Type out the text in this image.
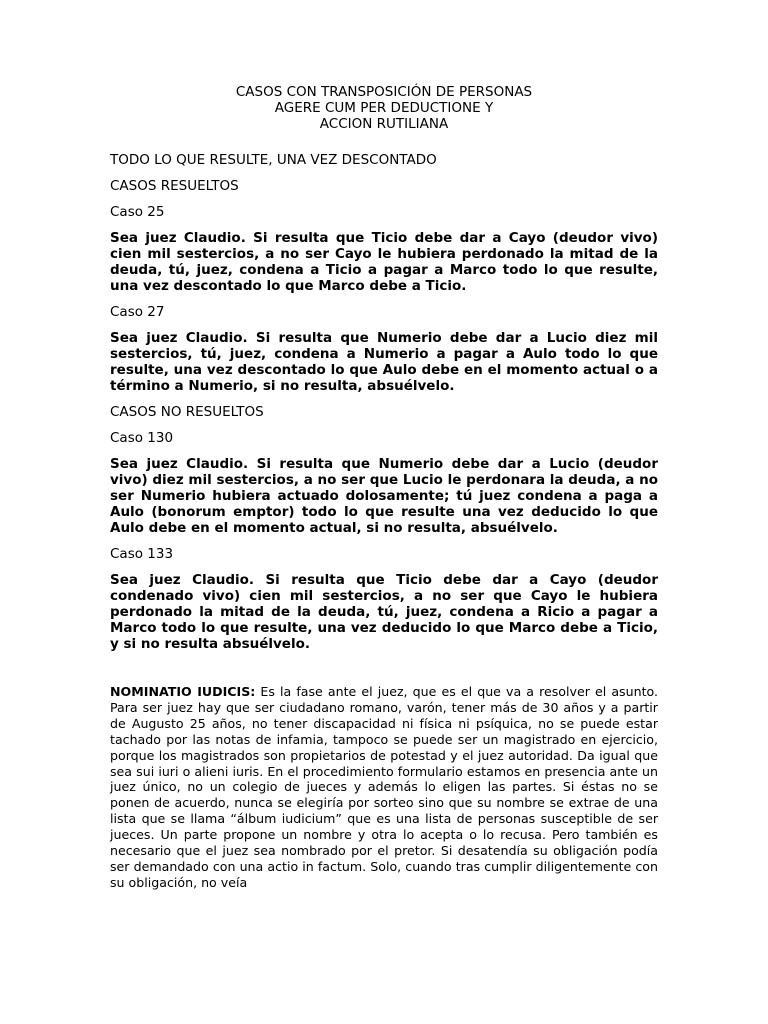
CASOS CON TRANSPOSICIÓN DE PERSONAS
AGERE CUM PER DEDUCTIONE Y
ACCION RUTILIANA

TODO LO QUE RESULTE, UNA VEZ DESCONTADO

CASOS RESUELTOS

Caso 25

Sea juez Claudio. Si resulta que Ticio debe dar a Cayo (deudor vivo) cien mil sestercios, a no ser Cayo le hubiera perdonado la mitad de la deuda, tú, juez, condena a Ticio a pagar a Marco todo lo que resulte, una vez descontado lo que Marco debe a Ticio.

Caso 27

Sea juez Claudio. Si resulta que Numerio debe dar a Lucio diez mil sestercios, tú, juez, condena a Numerio a pagar a Aulo todo lo que resulte, una vez descontado lo que Aulo debe en el momento actual o a término a Numerio, si no resulta, absuélvelo.

CASOS NO RESUELTOS

Caso 130

Sea juez Claudio. Si resulta que Numerio debe dar a Lucio (deudor vivo) diez mil sestercios, a no ser que Lucio le perdonara la deuda, a no ser Numerio hubiera actuado dolosamente; tú juez condena a paga a Aulo (bonorum emptor) todo lo que resulte una vez deducido lo que Aulo debe en el momento actual, si no resulta, absuélvelo.

Caso 133

Sea juez Claudio. Si resulta que Ticio debe dar a Cayo (deudor condenado vivo) cien mil sestercios, a no ser que Cayo le hubiera perdonado la mitad de la deuda, tú, juez, condena a Ricio a pagar a Marco todo lo que resulte, una vez deducido lo que Marco debe a Ticio, y si no resulta absuélvelo.

NOMINATIO IUDICIS: Es la fase ante el juez, que es el que va a resolver el asunto. Para ser juez hay que ser ciudadano romano, varón, tener más de 30 años y a partir de Augusto 25 años, no tener discapacidad ni física ni psíquica, no se puede estar tachado por las notas de infamia, tampoco se puede ser un magistrado en ejercicio, porque los magistrados son propietarios de potestad y el juez autoridad. Da igual que sea sui iuri o alieni iuris. En el procedimiento formulario estamos en presencia ante un juez único, no un colegio de jueces y además lo eligen las partes. Si éstas no se ponen de acuerdo, nunca se elegiría por sorteo sino que su nombre se extrae de una lista que se llama “álbum iudicium” que es una lista de personas susceptible de ser jueces. Un parte propone un nombre y otra lo acepta o lo recusa. Pero también es necesario que el juez sea nombrado por el pretor. Si desatendía su obligación podía ser demandado con una actio in factum. Solo, cuando tras cumplir diligentemente con su obligación, no veía
